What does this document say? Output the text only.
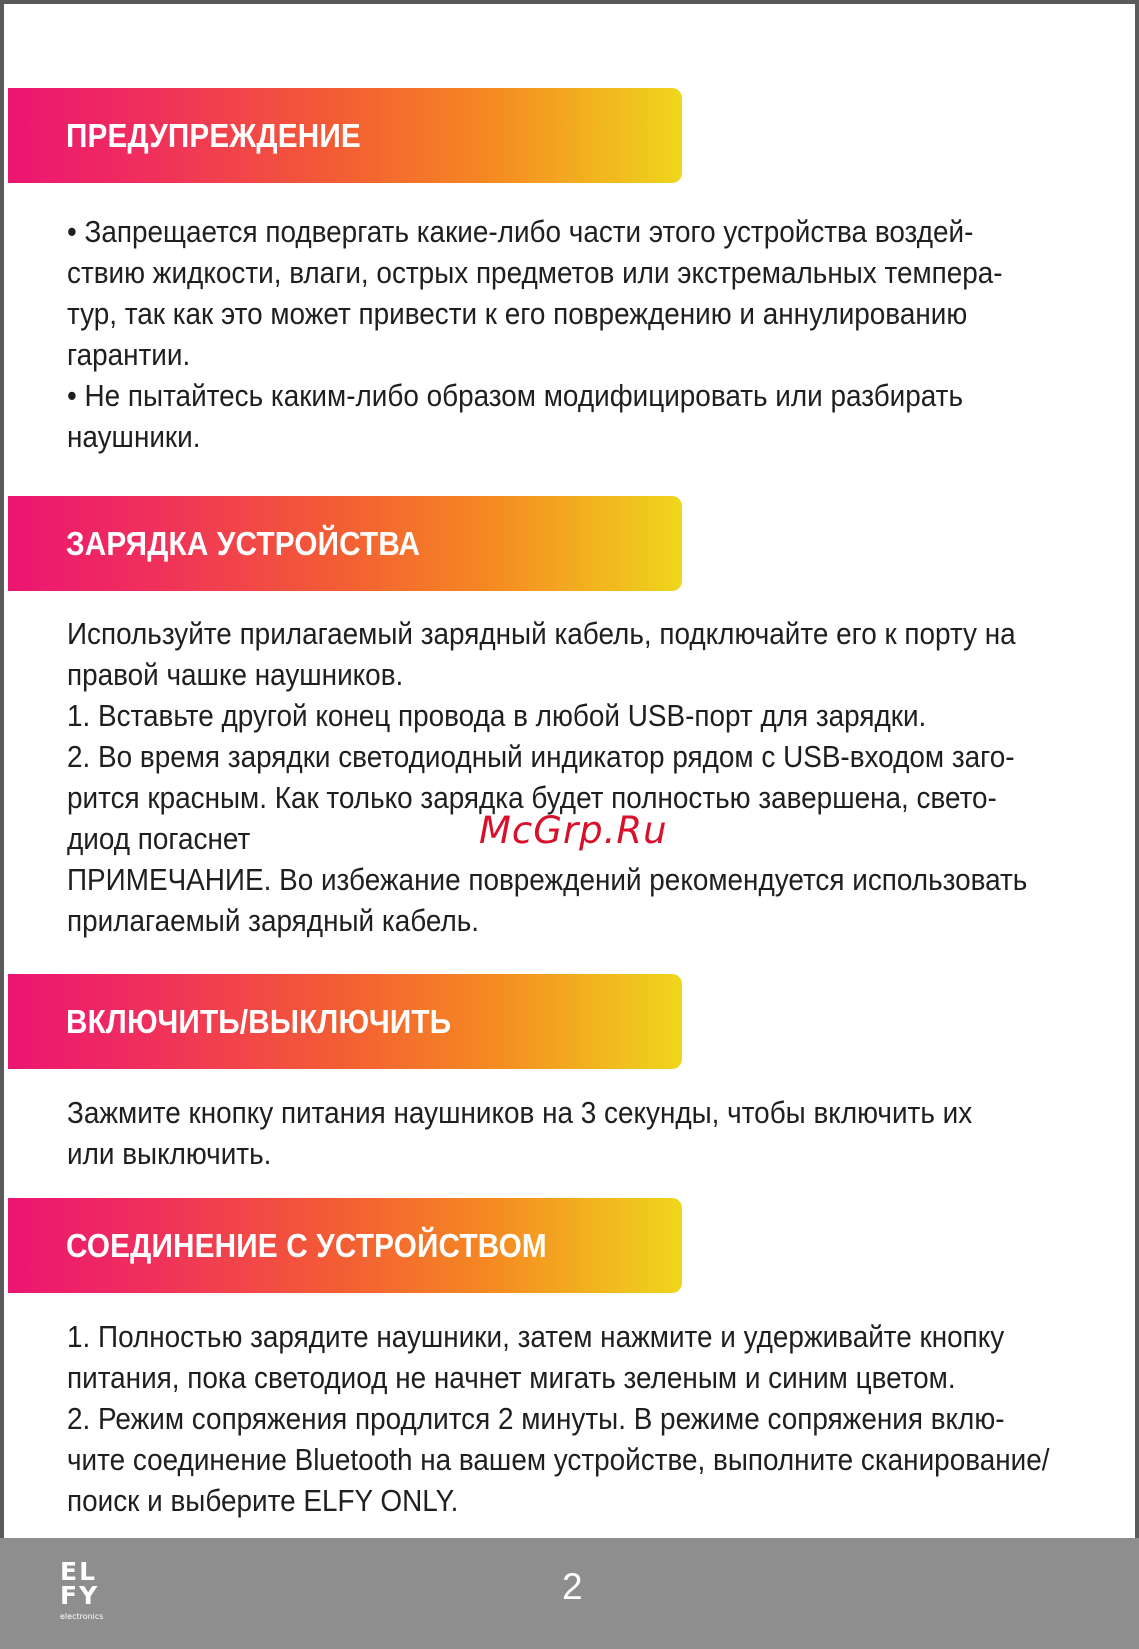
ПРЕДУПРЕЖДЕНИЕ

• Запрещается подвергать какие-либо части этого устройства воздей-

ствию жидкости, влаги, острых предметов или экстремальных темпера-

тур, так как это может привести к его повреждению и аннулированию

гарантии.

• Не пытайтесь каким-либо образом модифицировать или разбирать

наушники.

ЗАРЯДКА УСТРОЙСТВА

Используйте прилагаемый зарядный кабель, подключайте его к порту на

правой чашке наушников.

1. Вставьте другой конец провода в любой USB-порт для зарядки.

2. Во время зарядки светодиодный индикатор рядом с USB-входом заго-

рится красным. Как только зарядка будет полностью завершена, свето-

диод погаснет

ПРИМЕЧАНИЕ. Во избежание повреждений рекомендуется использовать

прилагаемый зарядный кабель.

ВКЛЮЧИТЬ/ВЫКЛЮЧИТЬ

Зажмите кнопку питания наушников на 3 секунды, чтобы включить их

или выключить.

СОЕДИНЕНИЕ С УСТРОЙСТВОМ

1. Полностью зарядите наушники, затем нажмите и удерживайте кнопку

питания, пока светодиод не начнет мигать зеленым и синим цветом.

2. Режим сопряжения продлится 2 минуты. В режиме сопряжения вклю-

чите соединение Bluetooth на вашем устройстве, выполните сканирование/

поиск и выберите ELFY ONLY.

McGrp.Ru
EL
FY
electronics
2
